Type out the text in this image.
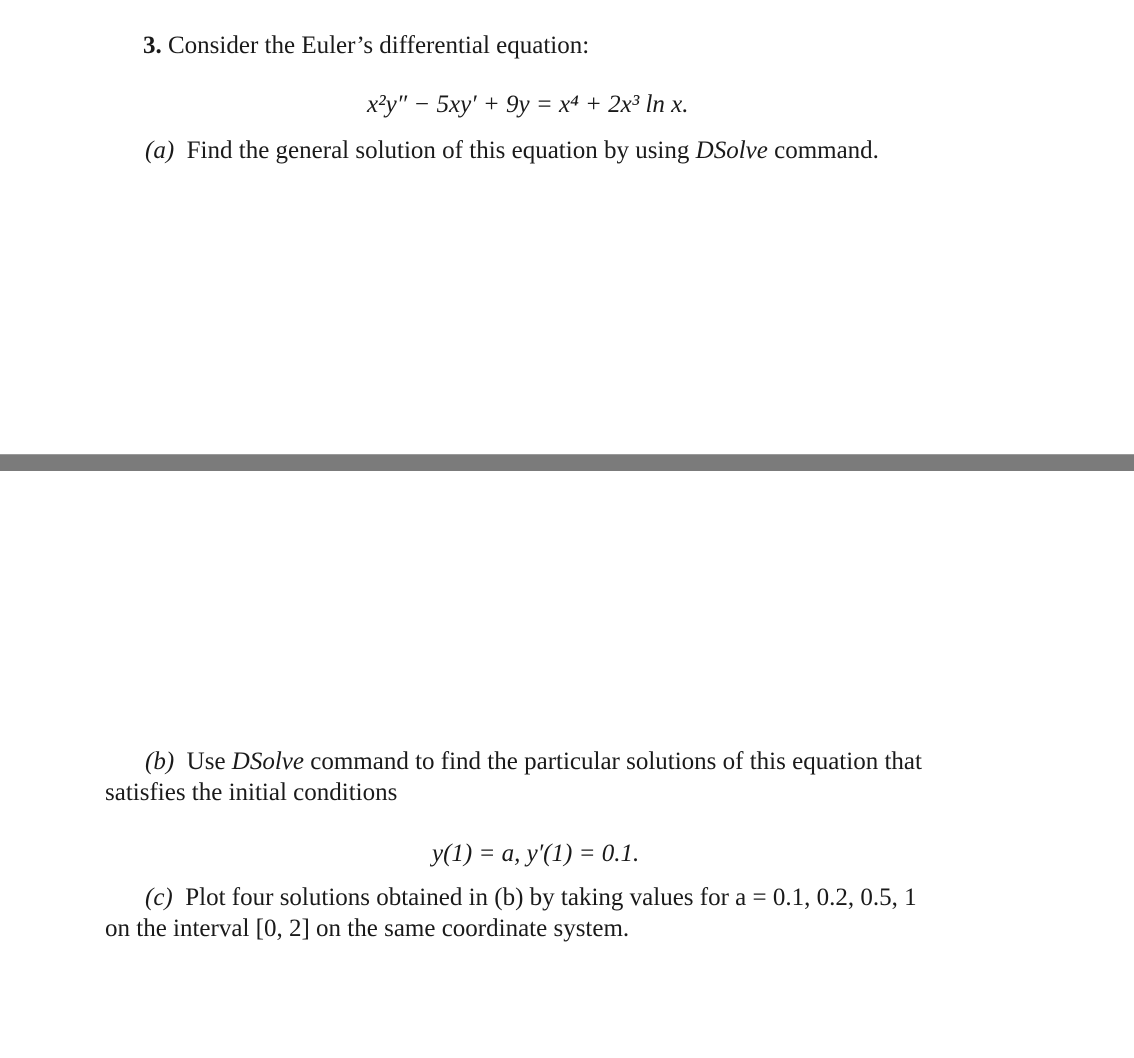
3. Consider the Euler’s differential equation:
x²y″ − 5xy′ + 9y = x⁴ + 2x³ ln x.
(a) Find the general solution of this equation by using DSolve command.
(b) Use DSolve command to find the particular solutions of this equation that
satisfies the initial conditions
y(1) = a, y′(1) = 0.1.
(c) Plot four solutions obtained in (b) by taking values for a = 0.1, 0.2, 0.5, 1
on the interval [0, 2] on the same coordinate system.
